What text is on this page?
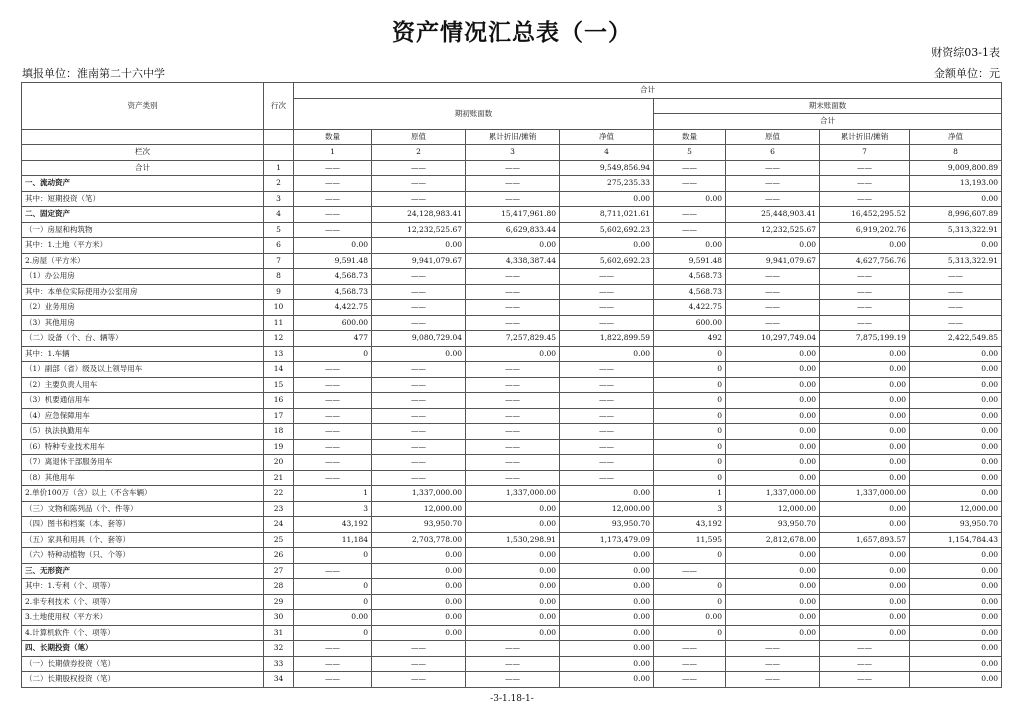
资产情况汇总表（一）
财资综03-1表
填报单位：淮南第二十六中学	金额单位：元
资产类别	行次	合计							
		期初账面数				期末账面数			
						合计			
		数量	原值	累计折旧/摊销	净值	数量	原值	累计折旧/摊销	净值
栏次		1	2	3	4	5	6	7	8
合计	1	——	——	——	9,549,856.94	——	——	——	9,009,800.89
一、流动资产	2	——	——	——	275,235.33	——	——	——	13,193.00
其中：短期投资（笔）	3	——	——	——	0.00	0.00	——	——	0.00
二、固定资产	4	——	24,128,983.41	15,417,961.80	8,711,021.61	——	25,448,903.41	16,452,295.52	8,996,607.89
（一）房屋和构筑物	5	——	12,232,525.67	6,629,833.44	5,602,692.23	——	12,232,525.67	6,919,202.76	5,313,322.91
其中：1.土地（平方米）	6	0.00	0.00	0.00	0.00	0.00	0.00	0.00	0.00
2.房屋（平方米）	7	9,591.48	9,941,079.67	4,338,387.44	5,602,692.23	9,591.48	9,941,079.67	4,627,756.76	5,313,322.91
（1）办公用房	8	4,568.73	——	——	——	4,568.73	——	——	——
其中：本单位实际使用办公室用房	9	4,568.73	——	——	——	4,568.73	——	——	——
（2）业务用房	10	4,422.75	——	——	——	4,422.75	——	——	——
（3）其他用房	11	600.00	——	——	——	600.00	——	——	——
（二）设备（个、台、辆等）	12	477	9,080,729.04	7,257,829.45	1,822,899.59	492	10,297,749.04	7,875,199.19	2,422,549.85
其中：1.车辆	13	0	0.00	0.00	0.00	0	0.00	0.00	0.00
（1）副部（省）级及以上领导用车	14	——	——	——	——	0	0.00	0.00	0.00
（2）主要负责人用车	15	——	——	——	——	0	0.00	0.00	0.00
（3）机要通信用车	16	——	——	——	——	0	0.00	0.00	0.00
（4）应急保障用车	17	——	——	——	——	0	0.00	0.00	0.00
（5）执法执勤用车	18	——	——	——	——	0	0.00	0.00	0.00
（6）特种专业技术用车	19	——	——	——	——	0	0.00	0.00	0.00
（7）离退休干部服务用车	20	——	——	——	——	0	0.00	0.00	0.00
（8）其他用车	21	——	——	——	——	0	0.00	0.00	0.00
2.单价100万（含）以上（不含车辆）	22	1	1,337,000.00	1,337,000.00	0.00	1	1,337,000.00	1,337,000.00	0.00
（三）文物和陈列品（个、件等）	23	3	12,000.00	0.00	12,000.00	3	12,000.00	0.00	12,000.00
（四）图书和档案（本、套等）	24	43,192	93,950.70	0.00	93,950.70	43,192	93,950.70	0.00	93,950.70
（五）家具和用具（个、套等）	25	11,184	2,703,778.00	1,530,298.91	1,173,479.09	11,595	2,812,678.00	1,657,893.57	1,154,784.43
（六）特种动植物（只、个等）	26	0	0.00	0.00	0.00	0	0.00	0.00	0.00
三、无形资产	27	——	0.00	0.00	0.00	——	0.00	0.00	0.00
其中：1.专利（个、项等）	28	0	0.00	0.00	0.00	0	0.00	0.00	0.00
2.非专利技术（个、项等）	29	0	0.00	0.00	0.00	0	0.00	0.00	0.00
3.土地使用权（平方米）	30	0.00	0.00	0.00	0.00	0.00	0.00	0.00	0.00
4.计算机软件（个、项等）	31	0	0.00	0.00	0.00	0	0.00	0.00	0.00
四、长期投资（笔）	32	——	——	——	0.00	——	——	——	0.00
（一）长期债券投资（笔）	33	——	——	——	0.00	——	——	——	0.00
（二）长期股权投资（笔）	34	——	——	——	0.00	——	——	——	0.00
-3-1.18-1-
